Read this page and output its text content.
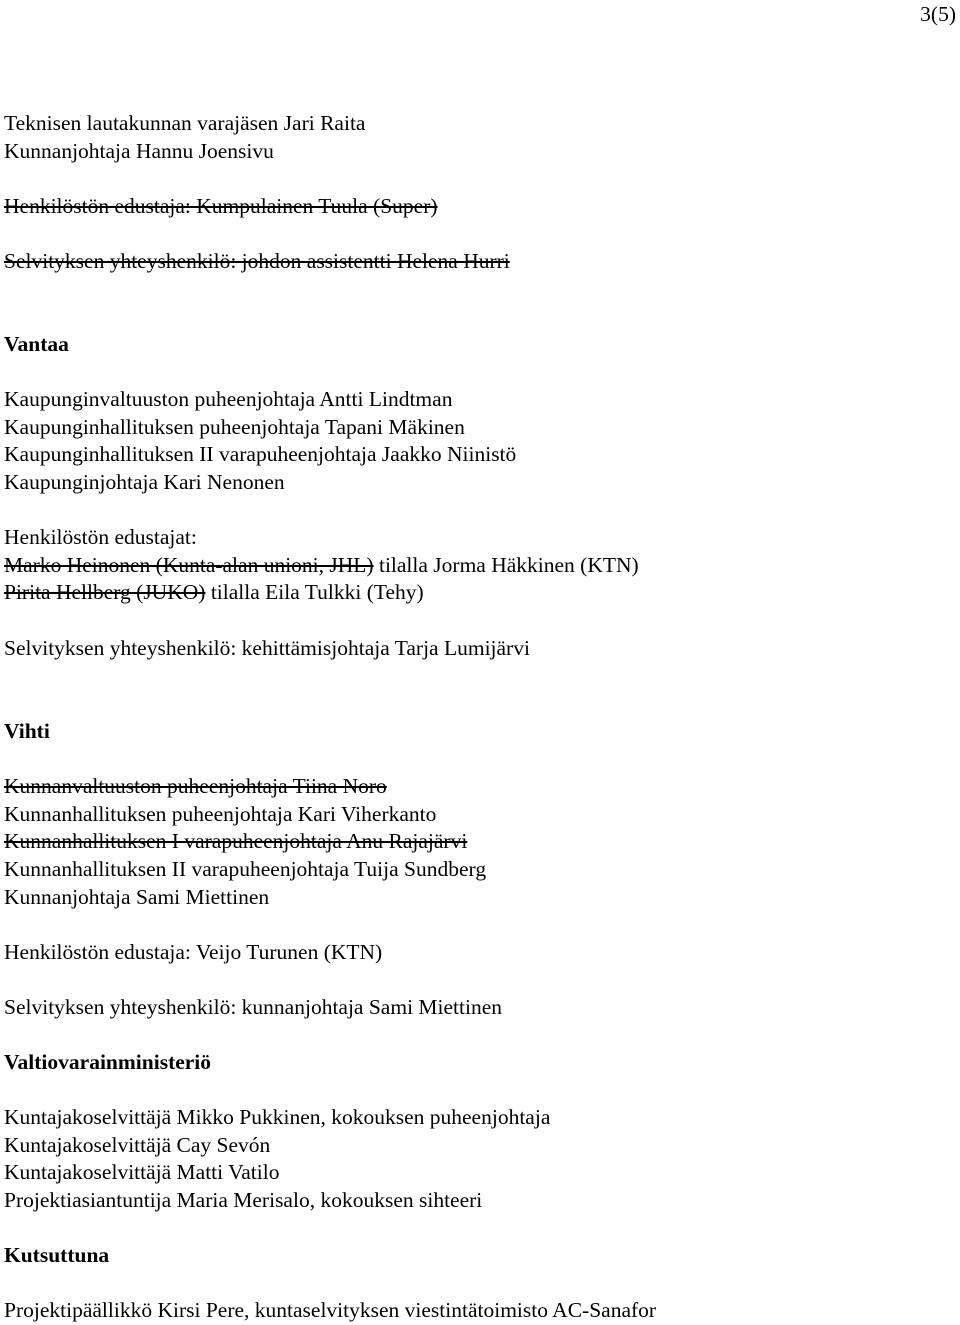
3(5)
Teknisen lautakunnan varajäsen Jari Raita
Kunnanjohtaja Hannu Joensivu
Henkilöstön edustaja: Kumpulainen Tuula (Super)
Selvityksen yhteyshenkilö: johdon assistentti Helena Hurri
Vantaa
Kaupunginvaltuuston puheenjohtaja Antti Lindtman
Kaupunginhallituksen puheenjohtaja Tapani Mäkinen
Kaupunginhallituksen II varapuheenjohtaja Jaakko Niinistö
Kaupunginjohtaja Kari Nenonen
Henkilöstön edustajat:
Marko Heinonen (Kunta-alan unioni, JHL) tilalla Jorma Häkkinen (KTN)
Pirita Hellberg (JUKO) tilalla Eila Tulkki (Tehy)
Selvityksen yhteyshenkilö: kehittämisjohtaja Tarja Lumijärvi
Vihti
Kunnanvaltuuston puheenjohtaja Tiina Noro
Kunnanhallituksen puheenjohtaja Kari Viherkanto
Kunnanhallituksen I varapuheenjohtaja Anu Rajajärvi
Kunnanhallituksen II varapuheenjohtaja Tuija Sundberg
Kunnanjohtaja Sami Miettinen
Henkilöstön edustaja: Veijo Turunen (KTN)
Selvityksen yhteyshenkilö: kunnanjohtaja Sami Miettinen
Valtiovarainministeriö
Kuntajakoselvittäjä Mikko Pukkinen, kokouksen puheenjohtaja
Kuntajakoselvittäjä Cay Sevón
Kuntajakoselvittäjä Matti Vatilo
Projektiasiantuntija Maria Merisalo, kokouksen sihteeri
Kutsuttuna
Projektipäällikkö Kirsi Pere, kuntaselvityksen viestintätoimisto AC-Sanafor
